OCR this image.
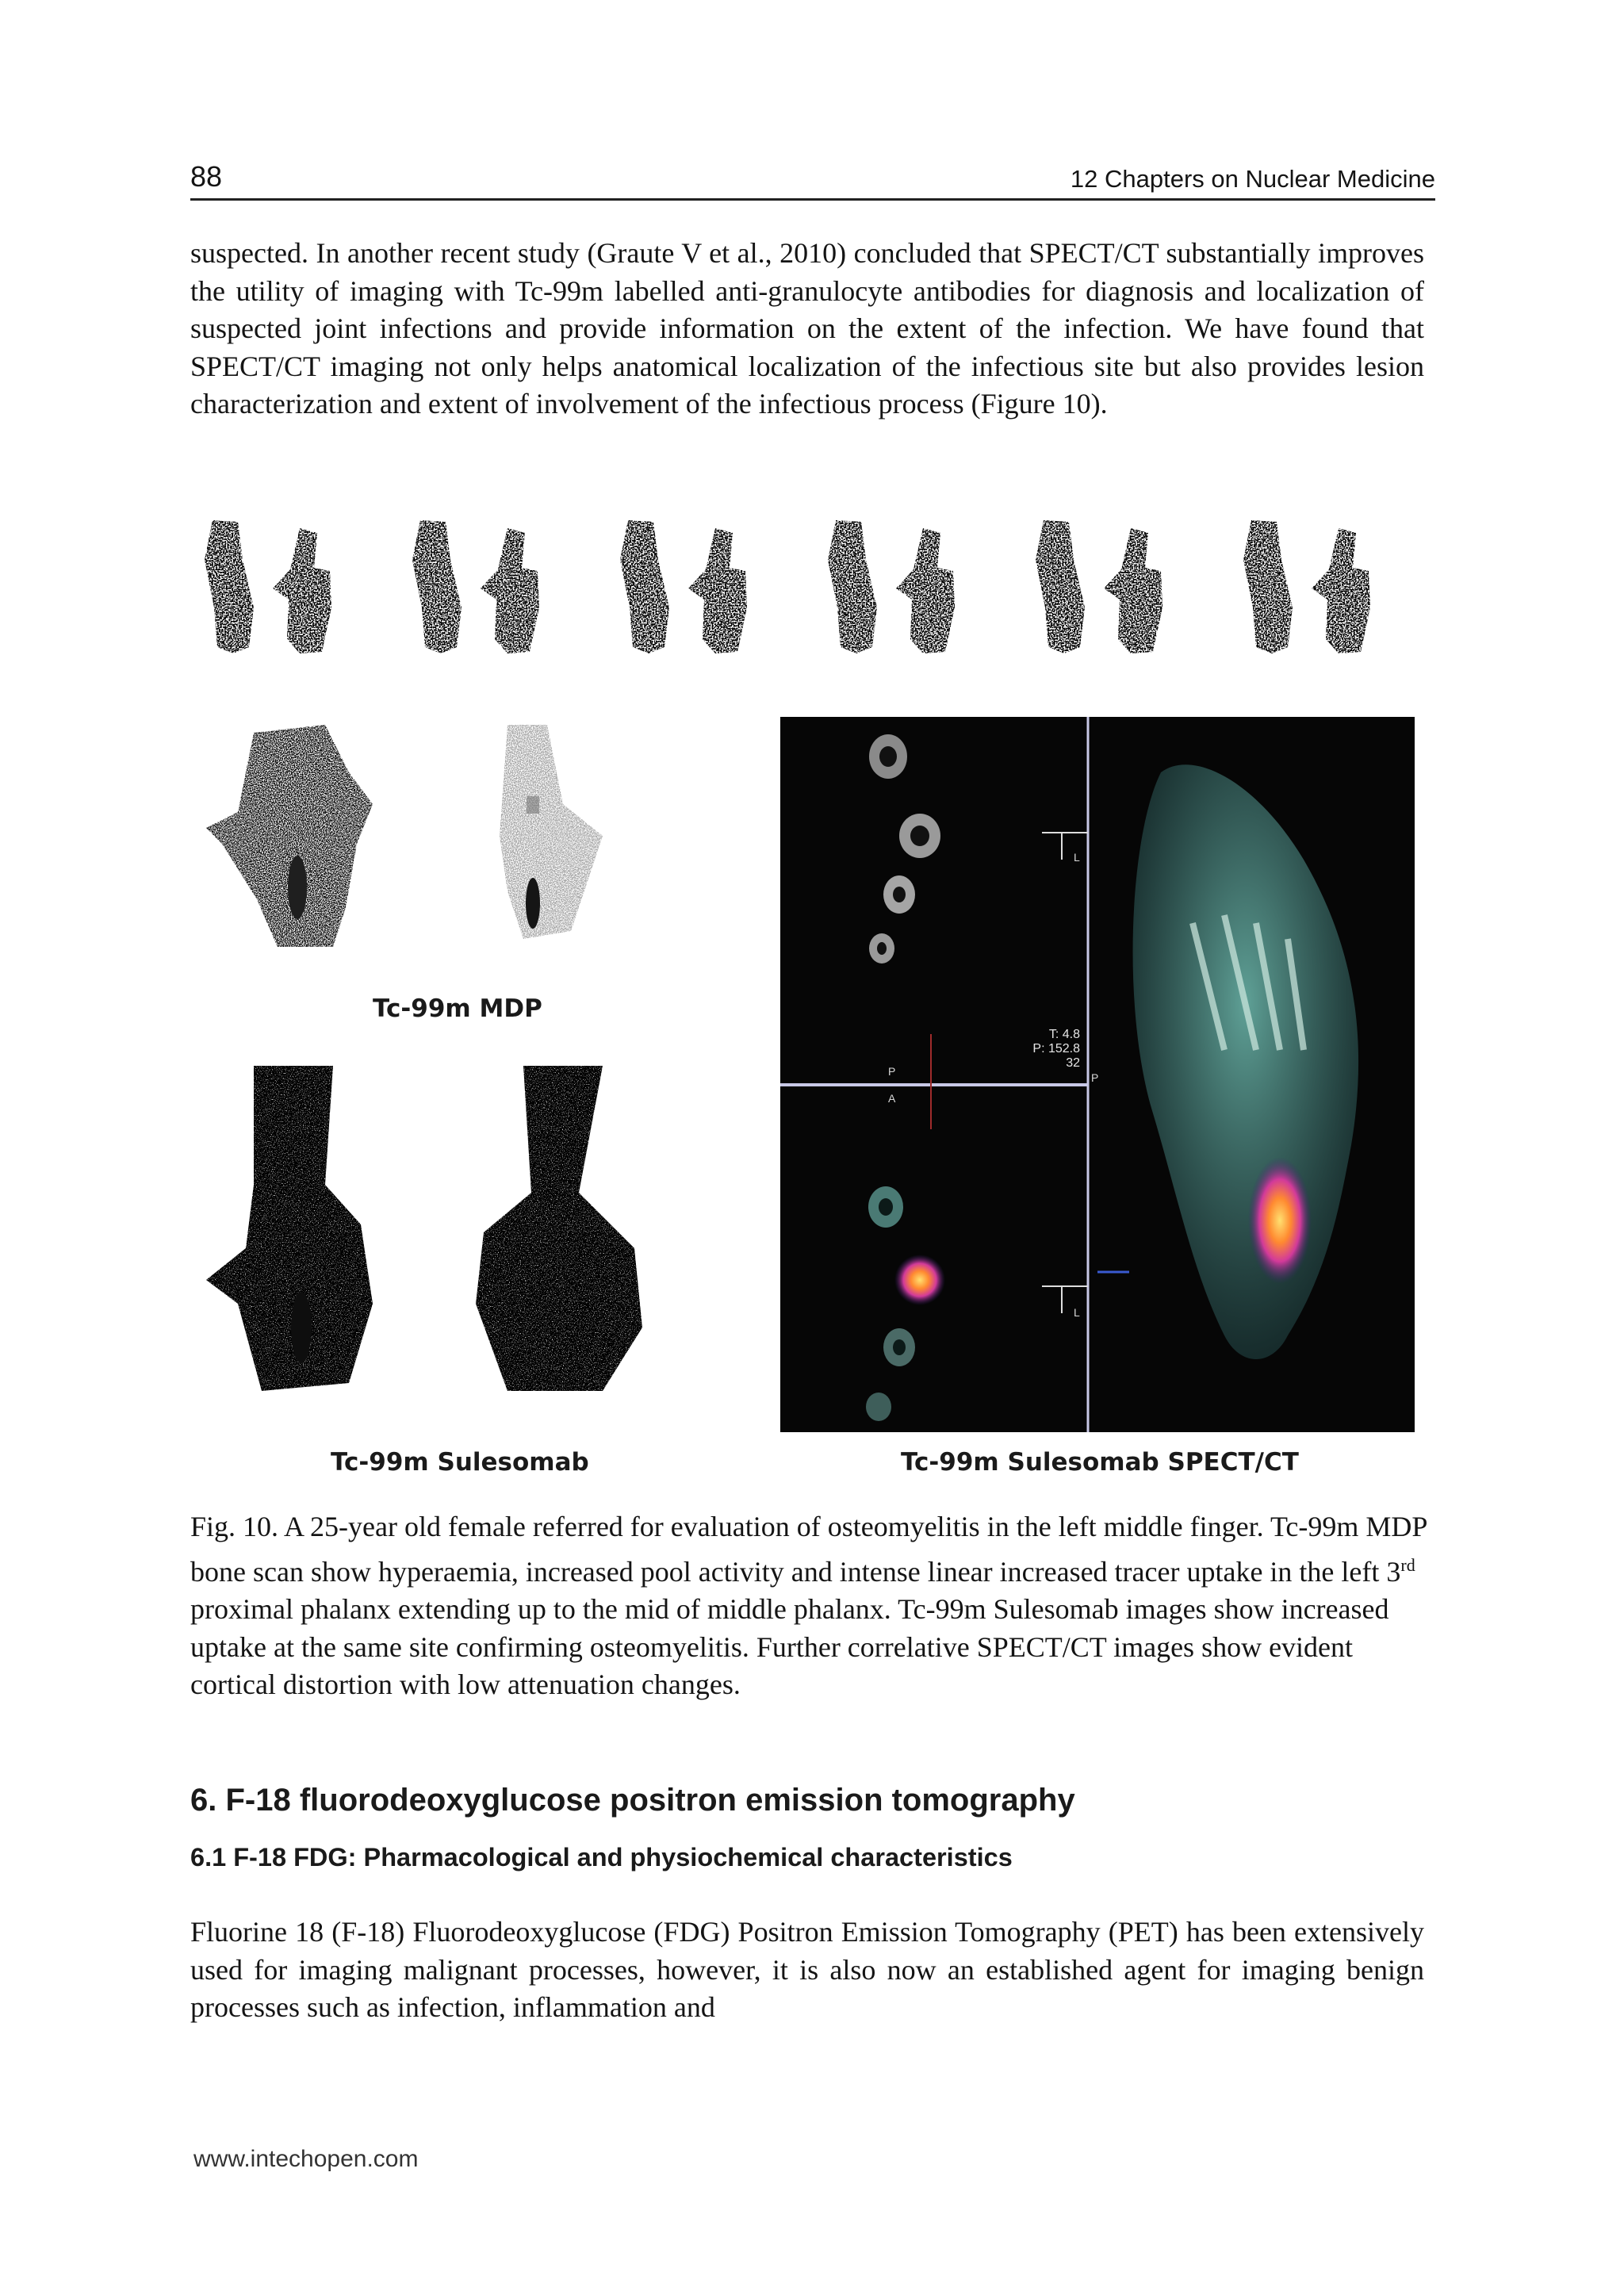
88	12 Chapters on Nuclear Medicine

suspected. In another recent study (Graute V et al., 2010) concluded that SPECT/CT substantially improves the utility of imaging with Tc-99m labelled anti-granulocyte antibodies for diagnosis and localization of suspected joint infections and provide information on the extent of the infection. We have found that SPECT/CT imaging not only helps anatomical localization of the infectious site but also provides lesion characterization and extent of involvement of the infectious process (Figure 10).

Tc-99m MDP
Tc-99m Sulesomab	Tc-99m Sulesomab SPECT/CT
L
L
P
A
P
T: 4.8
P: 152.8
32

Fig. 10. A 25-year old female referred for evaluation of osteomyelitis in the left middle finger. Tc-99m MDP bone scan show hyperaemia, increased pool activity and intense linear increased tracer uptake in the left 3rd proximal phalanx extending up to the mid of middle phalanx. Tc-99m Sulesomab images show increased uptake at the same site confirming osteomyelitis. Further correlative SPECT/CT images show evident cortical distortion with low attenuation changes.

6. F-18 fluorodeoxyglucose positron emission tomography
6.1 F-18 FDG: Pharmacological and physiochemical characteristics

Fluorine 18 (F-18) Fluorodeoxyglucose (FDG) Positron Emission Tomography (PET) has been extensively used for imaging malignant processes, however, it is also now an established agent for imaging benign processes such as infection, inflammation and

www.intechopen.com
